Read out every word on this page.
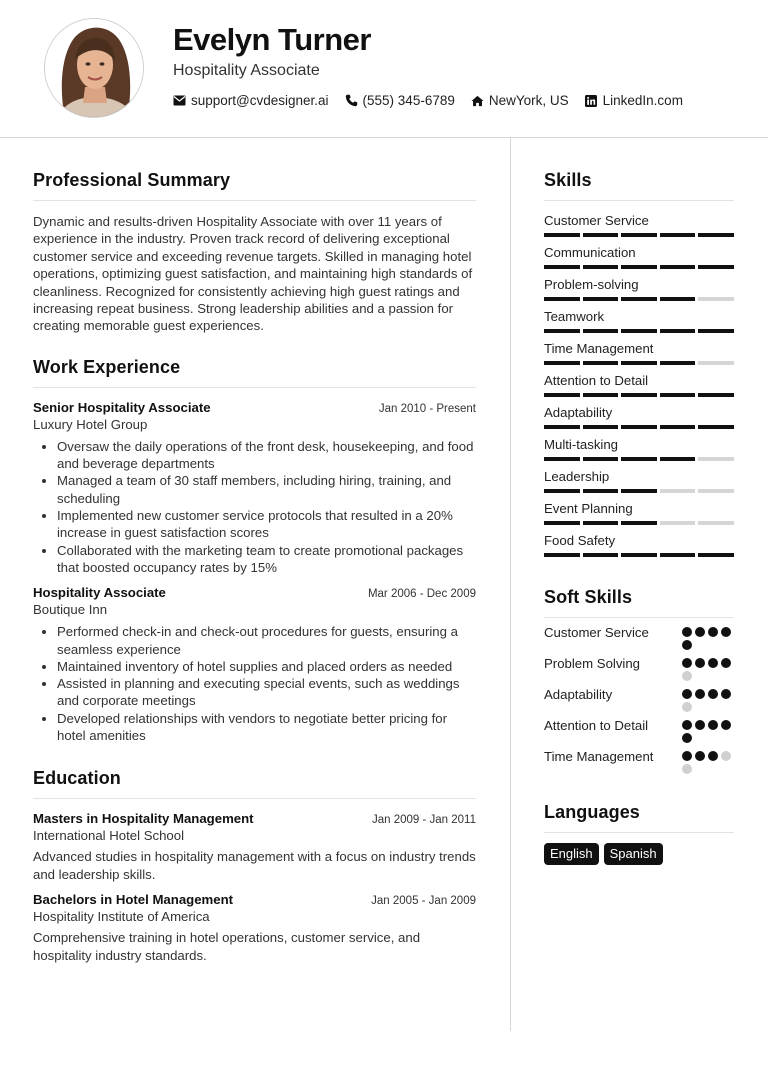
Evelyn Turner
Hospitality Associate
support@cvdesigner.ai	(555) 345-6789	NewYork, US	LinkedIn.com
Professional Summary

Dynamic and results-driven Hospitality Associate with over 11 years of experience in the industry. Proven track record of delivering exceptional customer service and exceeding revenue targets. Skilled in managing hotel operations, optimizing guest satisfaction, and maintaining high standards of cleanliness. Recognized for consistently achieving high guest ratings and increasing repeat business. Strong leadership abilities and a passion for creating memorable guest experiences.

Work Experience
Senior Hospitality Associate	Jan 2010 - Present
Luxury Hotel Group
• Oversaw the daily operations of the front desk, housekeeping, and food and beverage departments
• Managed a team of 30 staff members, including hiring, training, and scheduling
• Implemented new customer service protocols that resulted in a 20% increase in guest satisfaction scores
• Collaborated with the marketing team to create promotional packages that boosted occupancy rates by 15%
Hospitality Associate	Mar 2006 - Dec 2009
Boutique Inn
• Performed check-in and check-out procedures for guests, ensuring a seamless experience
• Maintained inventory of hotel supplies and placed orders as needed
• Assisted in planning and executing special events, such as weddings and corporate meetings
• Developed relationships with vendors to negotiate better pricing for hotel amenities
Education
Masters in Hospitality Management	Jan 2009 - Jan 2011
International Hotel School

Advanced studies in hospitality management with a focus on industry trends and leadership skills.

Bachelors in Hotel Management	Jan 2005 - Jan 2009
Hospitality Institute of America

Comprehensive training in hotel operations, customer service, and hospitality industry standards.

Skills
Customer Service
Communication
Problem-solving
Teamwork
Time Management
Attention to Detail
Adaptability
Multi-tasking
Leadership
Event Planning
Food Safety
Soft Skills
Customer Service
Problem Solving
Adaptability
Attention to Detail
Time Management
Languages
English	Spanish
